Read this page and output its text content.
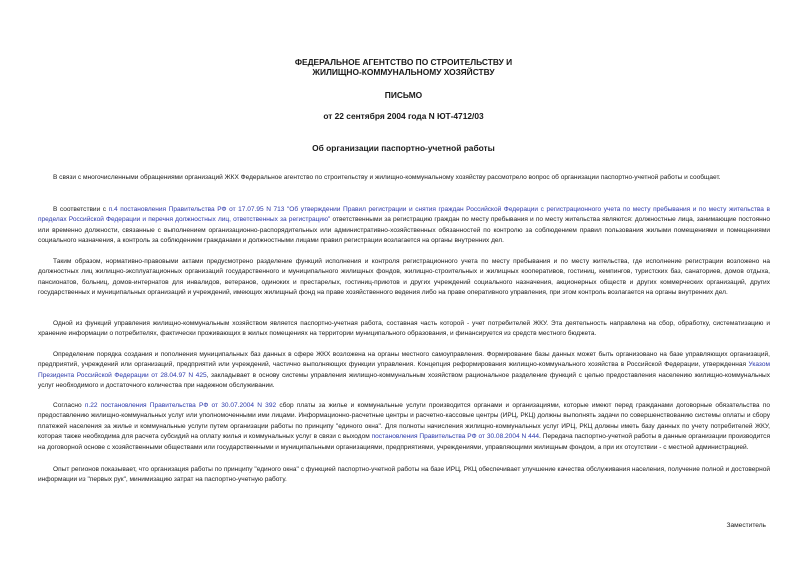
ФЕДЕРАЛЬНОЕ АГЕНТСТВО ПО СТРОИТЕЛЬСТВУ И
ЖИЛИЩНО-КОММУНАЛЬНОМУ ХОЗЯЙСТВУ
ПИСЬМО
от 22 сентября 2004 года N ЮТ-4712/03
Об организации паспортно-учетной работы

В связи с многочисленными обращениями организаций ЖКХ Федеральное агентство по строительству и жилищно-коммунальному хозяйству рассмотрело вопрос об организации паспортно-учетной работы и сообщает.

В соответствии с п.4 постановления Правительства РФ от 17.07.95 N 713 "Об утверждении Правил регистрации и снятия граждан Российской Федерации с регистрационного учета по месту пребывания и по месту жительства в пределах Российской Федерации и перечня должностных лиц, ответственных за регистрацию" ответственными за регистрацию граждан по месту пребывания и по месту жительства являются: должностные лица, занимающие постоянно или временно должности, связанные с выполнением организационно-распорядительных или административно-хозяйственных обязанностей по контролю за соблюдением правил пользования жилыми помещениями и помещениями социального назначения, а контроль за соблюдением гражданами и должностными лицами правил регистрации возлагается на органы внутренних дел.

Таким образом, нормативно-правовыми актами предусмотрено разделение функций исполнения и контроля регистрационного учета по месту пребывания и по месту жительства, где исполнение регистрации возложено на должностных лиц жилищно-эксплуатационных организаций государственного и муниципального жилищных фондов, жилищно-строительных и жилищных кооперативов, гостиниц, кемпингов, туристских баз, санаториев, домов отдыха, пансионатов, больниц, домов-интернатов для инвалидов, ветеранов, одиноких и престарелых, гостиниц-приютов и других учреждений социального назначения, акционерных обществ и других коммерческих организаций, других государственных и муниципальных организаций и учреждений, имеющих жилищный фонд на праве хозяйственного ведения либо на праве оперативного управления, при этом контроль возлагается на органы внутренних дел.

Одной из функций управления жилищно-коммунальным хозяйством является паспортно-учетная работа, составная часть которой - учет потребителей ЖКУ. Эта деятельность направлена на сбор, обработку, систематизацию и хранение информации о потребителях, фактически проживающих в жилых помещениях на территории муниципального образования, и финансируется из средств местного бюджета.

Определение порядка создания и пополнения муниципальных баз данных в сфере ЖКХ возложена на органы местного самоуправления. Формирование базы данных может быть организовано на базе управляющих организаций, предприятий, учреждений или организаций, предприятий или учреждений, частично выполняющих функции управления. Концепция реформирования жилищно-коммунального хозяйства в Российской Федерации, утвержденная Указом Президента Российской Федерации от 28.04.97 N 425, закладывает в основу системы управления жилищно-коммунальным хозяйством рациональное разделение функций с целью предоставления населению жилищно-коммунальных услуг необходимого и достаточного количества при надежном обслуживании.

Согласно п.22 постановления Правительства РФ от 30.07.2004 N 392 сбор платы за жилье и коммунальные услуги производится органами и организациями, которые имеют перед гражданами договорные обязательства по предоставлению жилищно-коммунальных услуг или уполномоченными ими лицами. Информационно-расчетные центры и расчетно-кассовые центры (ИРЦ, РКЦ) должны выполнять задачи по совершенствованию системы оплаты и сбору платежей населения за жилье и коммунальные услуги путем организации работы по принципу "единого окна". Для полноты начисления жилищно-коммунальных услуг ИРЦ, РКЦ должны иметь базу данных по учету потребителей ЖКУ, которая также необходима для расчета субсидий на оплату жилья и коммунальных услуг в связи с выходом постановления Правительства РФ от 30.08.2004 N 444. Передача паспортно-учетной работы в данные организации производится на договорной основе с хозяйственными обществами или государственными и муниципальными организациями, предприятиями, учреждениями, управляющими жилищным фондом, а при их отсутствии - с местной администрацией.

Опыт регионов показывает, что организация работы по принципу "единого окна" с функцией паспортно-учетной работы на базе ИРЦ, РКЦ обеспечивает улучшение качества обслуживания населения, получение полной и достоверной информации из "первых рук", минимизацию затрат на паспортно-учетную работу.

Заместитель
